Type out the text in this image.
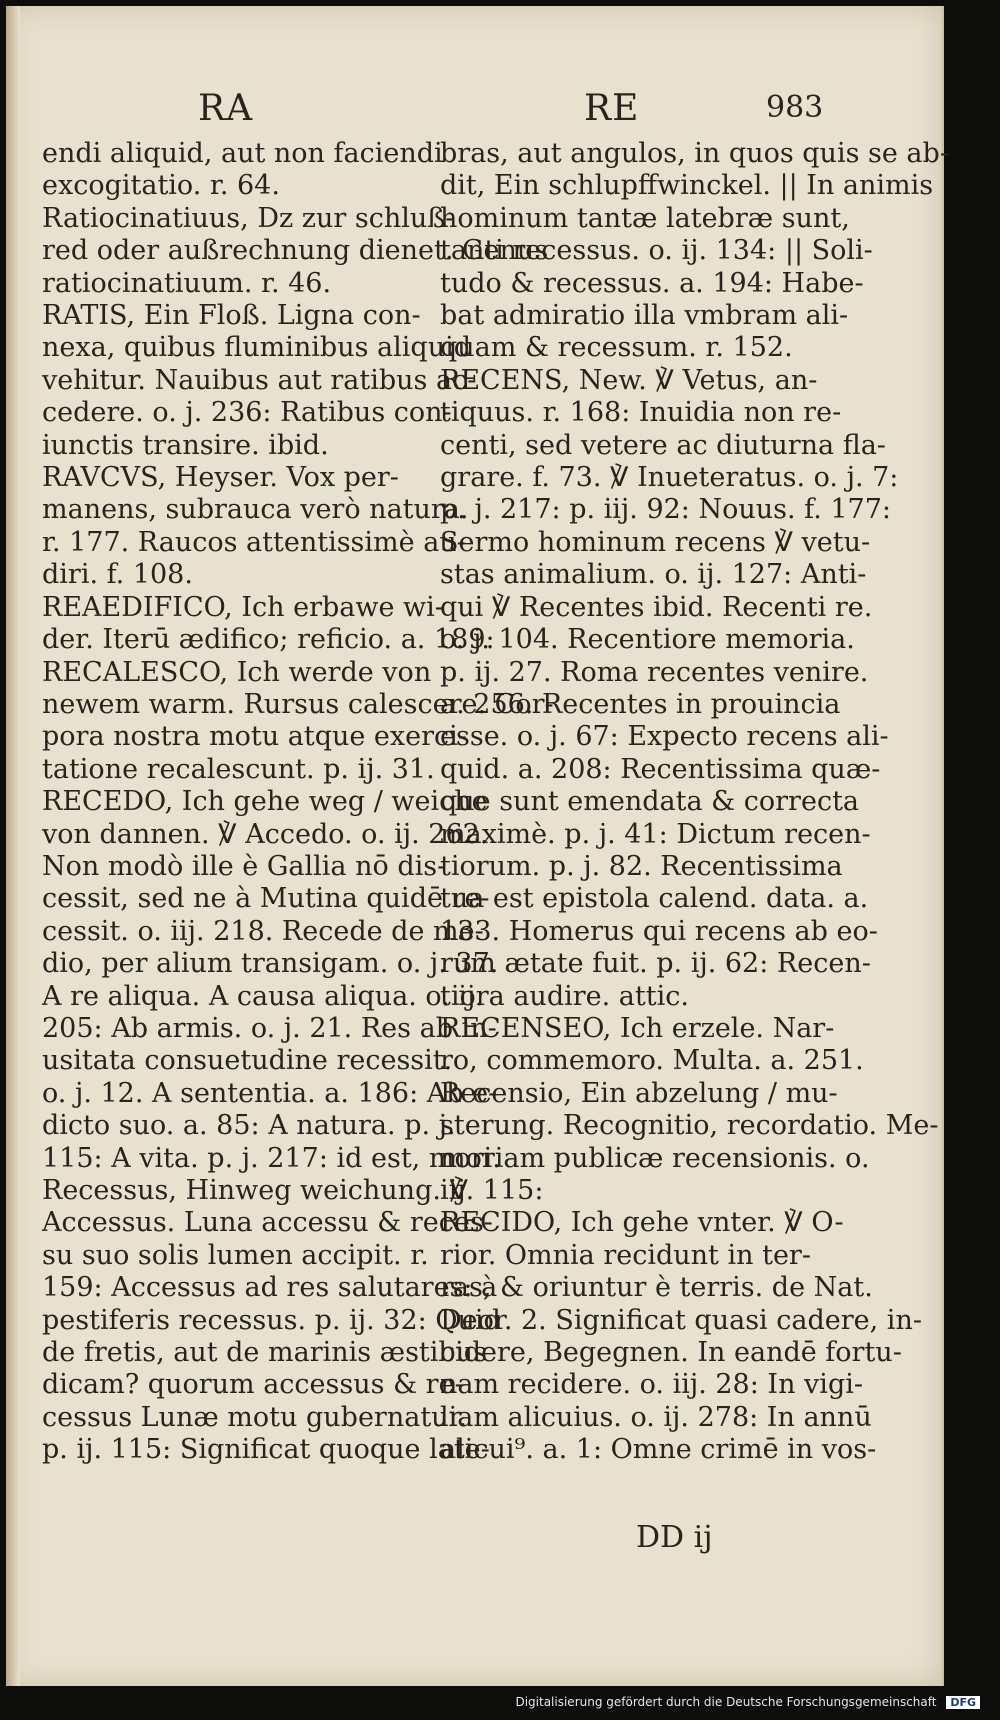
RA	RE	983

endi aliquid, aut non faciendi

excogitatio. r. 64.

Ratiocinatiuus, Dz zur schluß-

red oder außrechnung dienet. Genus

ratiocinatiuum. r. 46.

RATIS, Ein Floß. Ligna con-

nexa, quibus fluminibus aliquid

vehitur. Nauibus aut ratibus ac-

cedere. o. j. 236: Ratibus con-

iunctis transire. ibid.

RAVCVS, Heyser. Vox per-

manens, subrauca verò natura.

r. 177. Raucos attentissimè au-

diri. f. 108.

REAEDIFICO, Ich erbawe wi-

der. Iterū ædifico; reficio. a. 189:

RECALESCO, Ich werde von

newem warm. Rursus calescere. Cor-

pora nostra motu atque exerci-

tatione recalescunt. p. ij. 31.

RECEDO, Ich gehe weg / weiche

von dannen. ℣ Accedo. o. ij. 262.

Non modò ille è Gallia nō dis-

cessit, sed ne à Mutina quidē re-

cessit. o. iij. 218. Recede de me-

dio, per alium transigam. o. j. 37.

A re aliqua. A causa aliqua. o. ij.

205: Ab armis. o. j. 21. Res ab in-

usitata consuetudine recessit.

o. j. 12. A sententia. a. 186: Ab e-

dicto suo. a. 85: A natura. p. j.

115: A vita. p. j. 217: id est, mori.

Recessus, Hinweg weichung. ℣

Accessus. Luna accessu & reces-

su suo solis lumen accipit. r.

159: Accessus ad res salutares: à

pestiferis recessus. p. ij. 32: Quid

de fretis, aut de marinis æstibus

dicam? quorum accessus & re-

cessus Lunæ motu gubernatur.

p. ij. 115: Significat quoque late-

bras, aut angulos, in quos quis se ab-

dit, Ein schlupffwinckel. || In animis

hominum tantæ latebræ sunt,

tanti recessus. o. ij. 134: || Soli-

tudo & recessus. a. 194: Habe-

bat admiratio illa vmbram ali-

quam & recessum. r. 152.

RECENS, New. ℣ Vetus, an-

tiquus. r. 168: Inuidia non re-

centi, sed vetere ac diuturna fla-

grare. f. 73. ℣ Inueteratus. o. j. 7:

p. j. 217: p. iij. 92: Nouus. f. 177:

Sermo hominum recens ℣ vetu-

stas animalium. o. ij. 127: Anti-

qui ℣ Recentes ibid. Recenti re.

o. j. 104. Recentiore memoria.

p. ij. 27. Roma recentes venire.

a. 256. Recentes in prouincia

esse. o. j. 67: Expecto recens ali-

quid. a. 208: Recentissima quæ-

que sunt emendata & correcta

maximè. p. j. 41: Dictum recen-

tiorum. p. j. 82. Recentissima

tua est epistola calend. data. a.

133. Homerus qui recens ab eo-

rum ætate fuit. p. ij. 62: Recen-

tiora audire. attic.

RECENSEO, Ich erzele. Nar-

ro, commemoro. Multa. a. 251.

Recensio, Ein abzelung / mu-

sterung. Recognitio, recordatio. Me-

moriam publicæ recensionis. o.

iij. 115:

RECIDO, Ich gehe vnter. ℣ O-

rior. Omnia recidunt in ter-

ras, & oriuntur è terris. de Nat.

Deor. 2. Significat quasi cadere, in-

cidere, Begegnen. In eandē fortu-

nam recidere. o. iij. 28: In vigi-

liam alicuius. o. ij. 278: In annū

alicui⁹. a. 1: Omne crimē in vos-

DD ij
Digitalisierung gefördert durch die Deutsche Forschungsgemeinschaft DFG
